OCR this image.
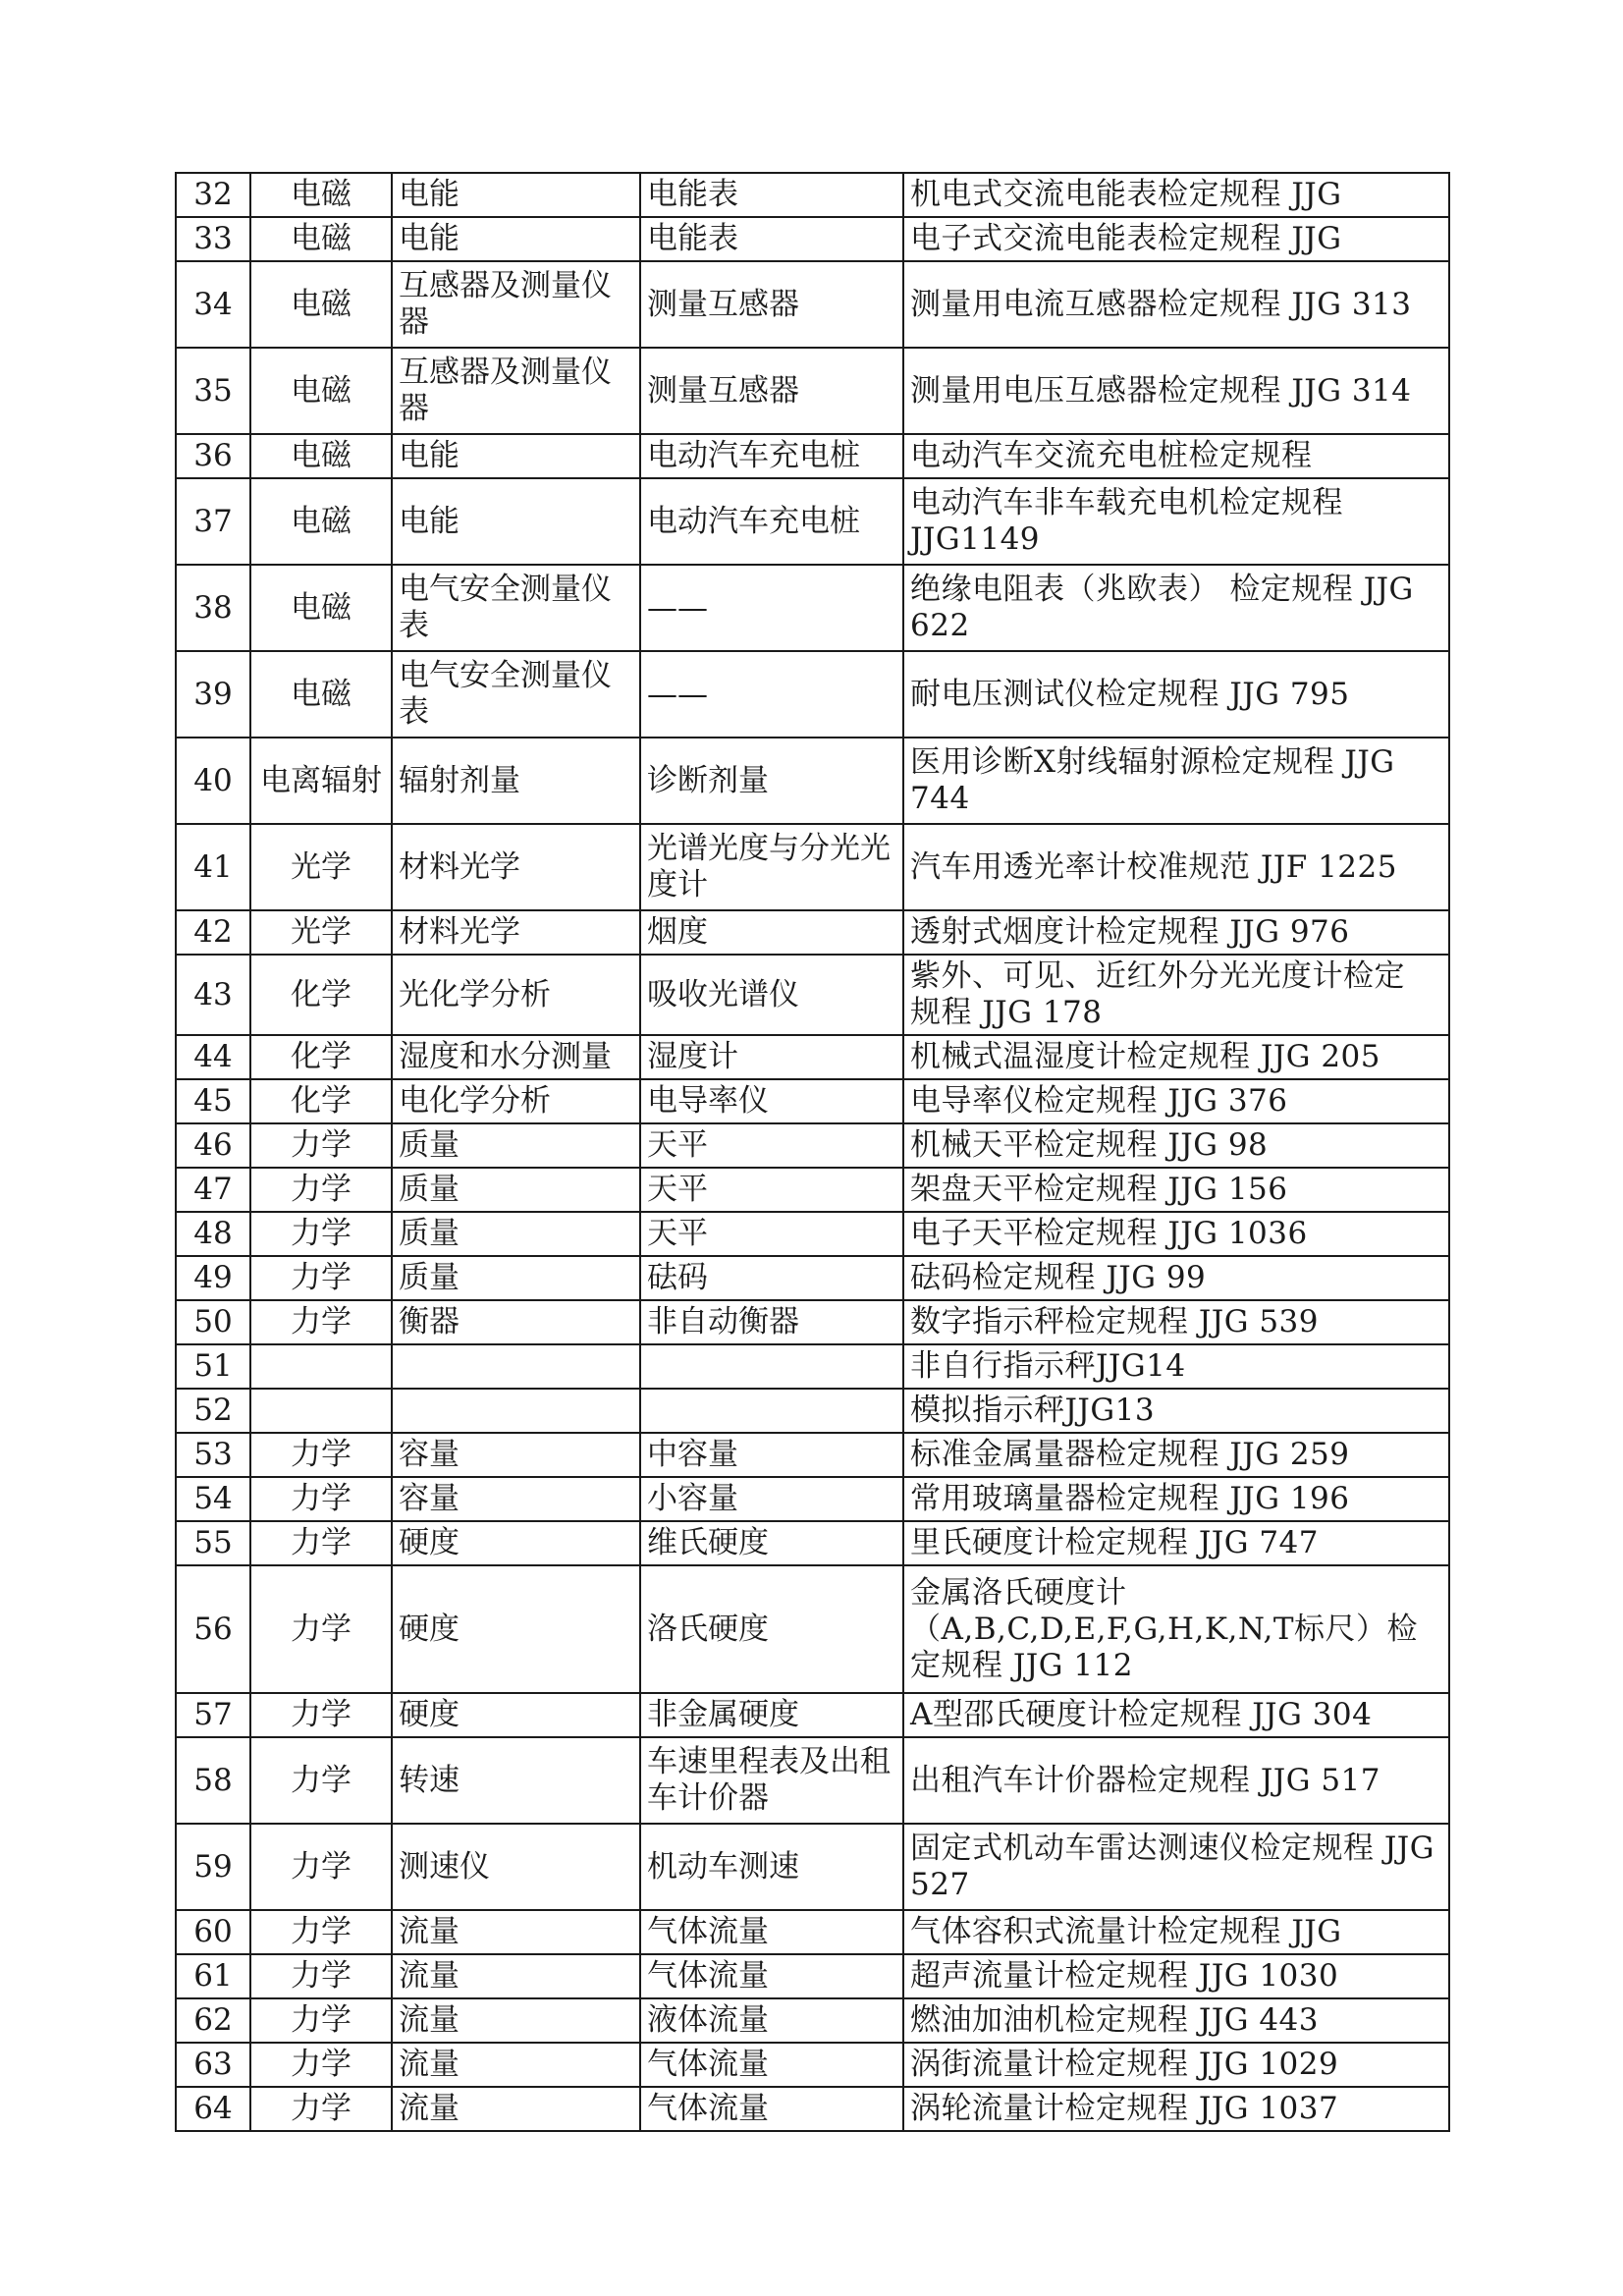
32	电磁	电能	电能表	机电式交流电能表检定规程 JJG
33	电磁	电能	电能表	电子式交流电能表检定规程 JJG
34	电磁	互感器及测量仪器	测量互感器	测量用电流互感器检定规程 JJG 313
35	电磁	互感器及测量仪器	测量互感器	测量用电压互感器检定规程 JJG 314
36	电磁	电能	电动汽车充电桩	电动汽车交流充电桩检定规程
37	电磁	电能	电动汽车充电桩	电动汽车非车载充电机检定规程 JJG1149
38	电磁	电气安全测量仪表	——	绝缘电阻表（兆欧表） 检定规程 JJG 622
39	电磁	电气安全测量仪表	——	耐电压测试仪检定规程 JJG 795
40	电离辐射	辐射剂量	诊断剂量	医用诊断X射线辐射源检定规程 JJG 744
41	光学	材料光学	光谱光度与分光光度计	汽车用透光率计校准规范 JJF 1225
42	光学	材料光学	烟度	透射式烟度计检定规程 JJG 976
43	化学	光化学分析	吸收光谱仪	紫外、可见、近红外分光光度计检定 规程 JJG 178
44	化学	湿度和水分测量	湿度计	机械式温湿度计检定规程 JJG 205
45	化学	电化学分析	电导率仪	电导率仪检定规程 JJG 376
46	力学	质量	天平	机械天平检定规程 JJG 98
47	力学	质量	天平	架盘天平检定规程 JJG 156
48	力学	质量	天平	电子天平检定规程 JJG 1036
49	力学	质量	砝码	砝码检定规程 JJG 99
50	力学	衡器	非自动衡器	数字指示秤检定规程 JJG 539
51				非自行指示秤JJG14
52				模拟指示秤JJG13
53	力学	容量	中容量	标准金属量器检定规程 JJG 259
54	力学	容量	小容量	常用玻璃量器检定规程 JJG 196
55	力学	硬度	维氏硬度	里氏硬度计检定规程 JJG 747
56	力学	硬度	洛氏硬度	金属洛氏硬度计（A,B,C,D,E,F,G,H,K,N,T标尺）检定规程 JJG 112
57	力学	硬度	非金属硬度	A型邵氏硬度计检定规程 JJG 304
58	力学	转速	车速里程表及出租车计价器	出租汽车计价器检定规程 JJG 517
59	力学	测速仪	机动车测速	固定式机动车雷达测速仪检定规程 JJG 527
60	力学	流量	气体流量	气体容积式流量计检定规程 JJG
61	力学	流量	气体流量	超声流量计检定规程 JJG 1030
62	力学	流量	液体流量	燃油加油机检定规程 JJG 443
63	力学	流量	气体流量	涡街流量计检定规程 JJG 1029
64	力学	流量	气体流量	涡轮流量计检定规程 JJG 1037
